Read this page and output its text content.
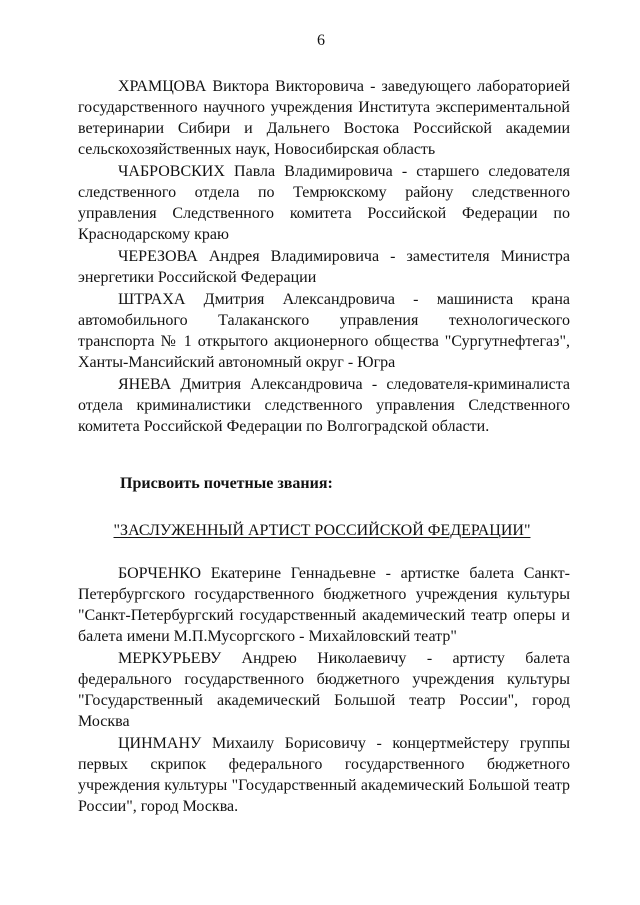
6

ХРАМЦОВА Виктора Викторовича - заведующего лабораторией государственного научного учреждения Института экспериментальной ветеринарии Сибири и Дальнего Востока Российской академии сельскохозяйственных наук, Новосибирская область

ЧАБРОВСКИХ Павла Владимировича - старшего следователя следственного отдела по Темрюкскому району следственного управления Следственного комитета Российской Федерации по Краснодарскому краю

ЧЕРЕЗОВА Андрея Владимировича - заместителя Министра энергетики Российской Федерации

ШТРАХА Дмитрия Александровича - машиниста крана автомобильного Талаканского управления технологического транспорта № 1 открытого акционерного общества "Сургутнефтегаз", Ханты-Мансийский автономный округ - Югра

ЯНЕВА Дмитрия Александровича - следователя-криминалиста отдела криминалистики следственного управления Следственного комитета Российской Федерации по Волгоградской области.

Присвоить почетные звания:
"ЗАСЛУЖЕННЫЙ АРТИСТ РОССИЙСКОЙ ФЕДЕРАЦИИ"

БОРЧЕНКО Екатерине Геннадьевне - артистке балета Санкт-Петербургского государственного бюджетного учреждения культуры "Санкт-Петербургский государственный академический театр оперы и балета имени М.П.Мусоргского - Михайловский театр"

МЕРКУРЬЕВУ Андрею Николаевичу - артисту балета федерального государственного бюджетного учреждения культуры "Государственный академический Большой театр России", город Москва

ЦИНМАНУ Михаилу Борисовичу - концертмейстеру группы первых скрипок федерального государственного бюджетного учреждения культуры "Государственный академический Большой театр России", город Москва.
